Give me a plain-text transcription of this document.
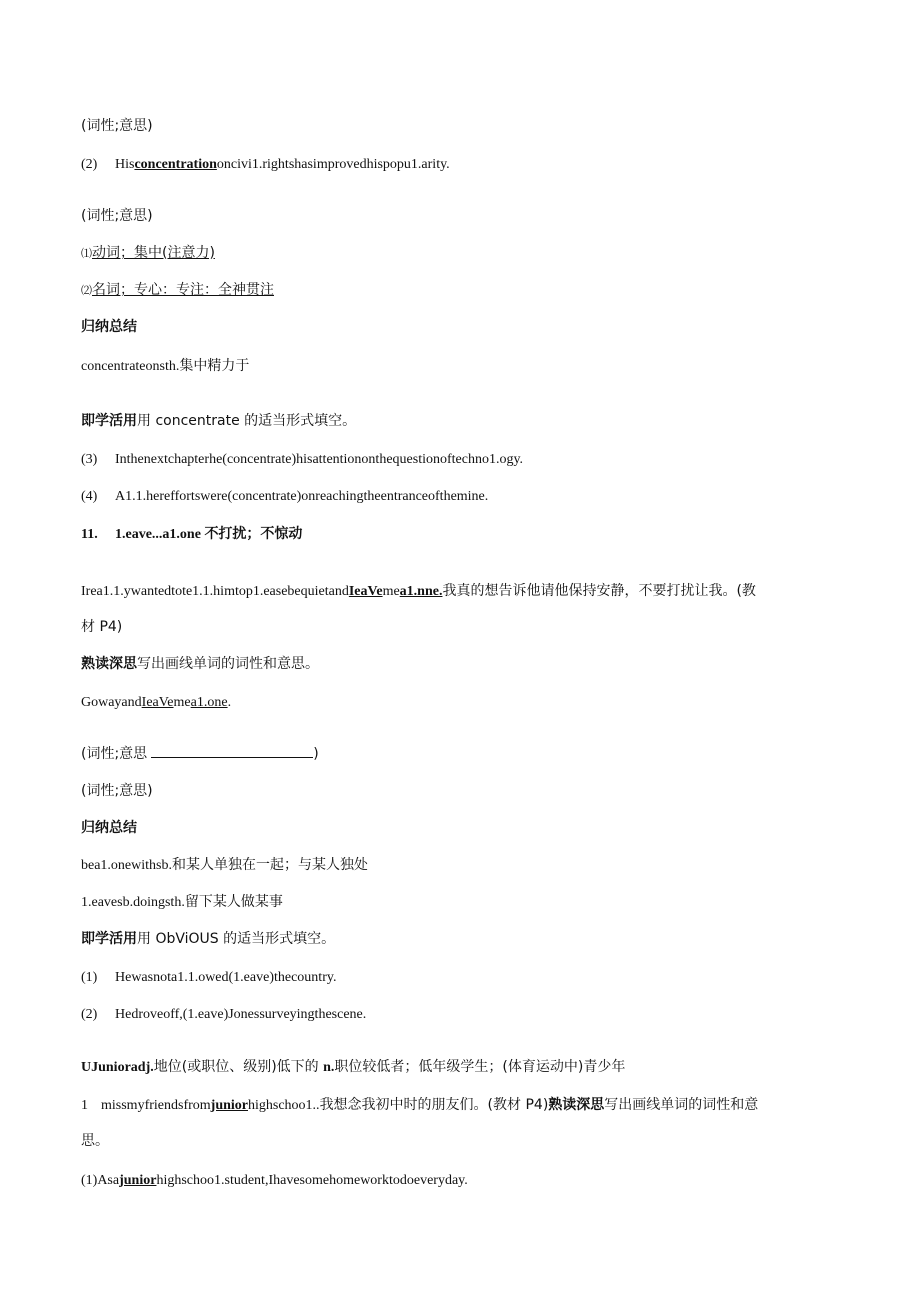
(词性;意思)
(2) Hisconcentrationoncivi1.rightshasimprovedhispopu1.arity.
(词性;意思)
⑴动词；集中(注意力)
⑵名词；专心：专注：全神贯注
归纳总结
concentrateonsth.集中精力于
即学活用用 concentrate 的适当形式填空。
(3) Inthenextchapterhe(concentrate)hisattentiononthequestionoftechno1.ogy.
(4) A1.1.hereffortswere(concentrate)onreachingtheentranceofthemine.
11. 1.eave...a1.one 不打扰；不惊动
Irea1.1.ywantedtote1.1.himtop1.easebequietandIeaVemea1.nne.我真的想告诉他请他保持安静，不要打扰让我。(教
材 P4)
熟读深思写出画线单词的词性和意思。
GowayandIeaVemea1.one.
(词性;意思	)
(词性;意思)
归纳总结
bea1.onewithsb.和某人单独在一起；与某人独处
1.eavesb.doingsth.留下某人做某事
即学活用用 ObViOUS 的适当形式填空。
(1) Hewasnota1.1.owed(1.eave)thecountry.
(2) Hedroveoff,(1.eave)Jonessurveyingthescene.
UJunioradj.地位(或职位、级别)低下的 n.职位较低者；低年级学生；(体育运动中)青少年
1 missmyfriendsfromjuniorhighschoo1..我想念我初中时的朋友们。(教材 P4)熟读深思写出画线单词的词性和意
思。
(1)Asajuniorhighschoo1.student,Ihavesomehomeworktodoeveryday.
